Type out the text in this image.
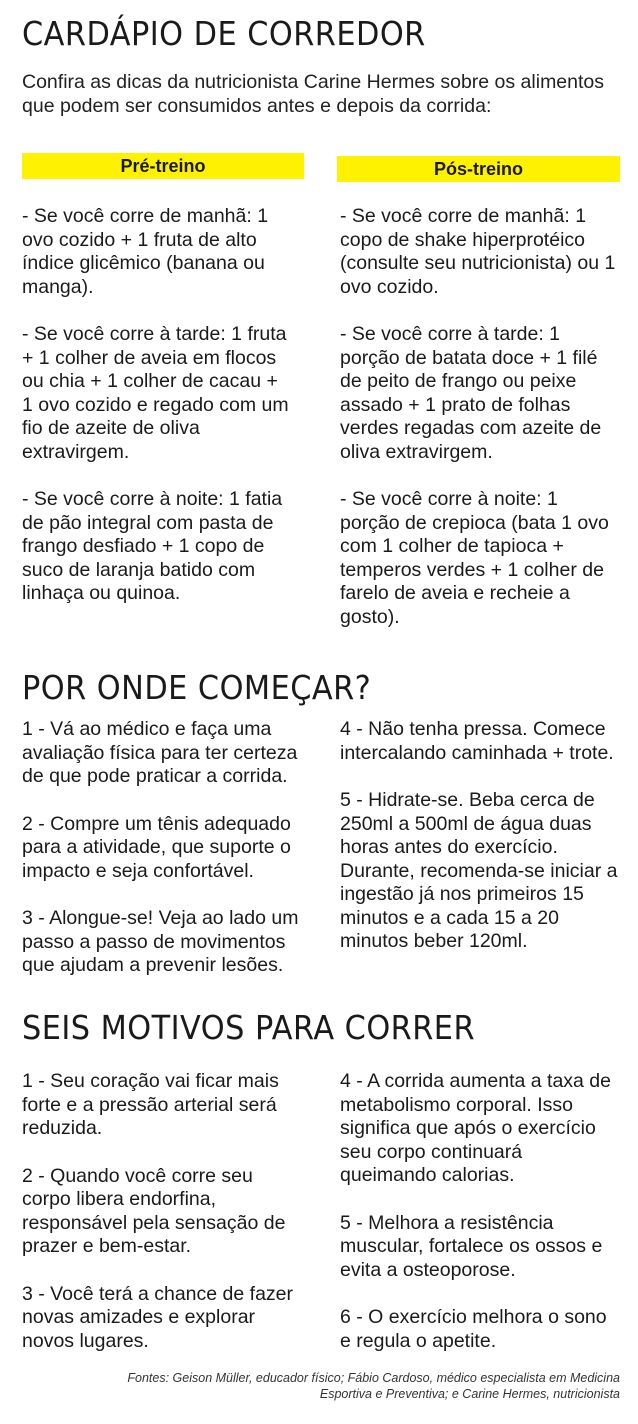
CARDÁPIO DE CORREDOR

Confira as dicas da nutricionista Carine Hermes sobre os alimentos que podem ser consumidos antes e depois da corrida:

Pré-treino	Pós-treino
- Se você corre de manhã: 1 ovo cozido + 1 fruta de alto índice glicêmico (banana ou manga).
- Se você corre à tarde: 1 fruta + 1 colher de aveia em flocos ou chia + 1 colher de cacau + 1 ovo cozido e regado com um fio de azeite de oliva extravirgem.
- Se você corre à noite: 1 fatia de pão integral com pasta de frango desfiado + 1 copo de suco de laranja batido com linhaça ou quinoa.
- Se você corre de manhã: 1 copo de shake hiperprotéico (consulte seu nutricionista) ou 1 ovo cozido.
- Se você corre à tarde: 1 porção de batata doce + 1 filé de peito de frango ou peixe assado + 1 prato de folhas verdes regadas com azeite de oliva extravirgem.
- Se você corre à noite: 1 porção de crepioca (bata 1 ovo com 1 colher de tapioca + temperos verdes + 1 colher de farelo de aveia e recheie a gosto).
POR ONDE COMEÇAR?
1 - Vá ao médico e faça uma avaliação física para ter certeza de que pode praticar a corrida.
2 - Compre um tênis adequado para a atividade, que suporte o impacto e seja confortável.
3 - Alongue-se! Veja ao lado um passo a passo de movimentos que ajudam a prevenir lesões.
4 - Não tenha pressa. Comece intercalando caminhada + trote.
5 - Hidrate-se. Beba cerca de 250ml a 500ml de água duas horas antes do exercício. Durante, recomenda-se iniciar a ingestão já nos primeiros 15 minutos e a cada 15 a 20 minutos beber 120ml.
SEIS MOTIVOS PARA CORRER
1 - Seu coração vai ficar mais forte e a pressão arterial será reduzida.
2 - Quando você corre seu corpo libera endorfina, responsável pela sensação de prazer e bem-estar.
3 - Você terá a chance de fazer novas amizades e explorar novos lugares.
4 - A corrida aumenta a taxa de metabolismo corporal. Isso significa que após o exercício seu corpo continuará queimando calorias.
5 - Melhora a resistência muscular, fortalece os ossos e evita a osteoporose.
6 - O exercício melhora o sono e regula o apetite.

Fontes: Geison Müller, educador físico; Fábio Cardoso, médico especialista em Medicina Esportiva e Preventiva; e Carine Hermes, nutricionista
